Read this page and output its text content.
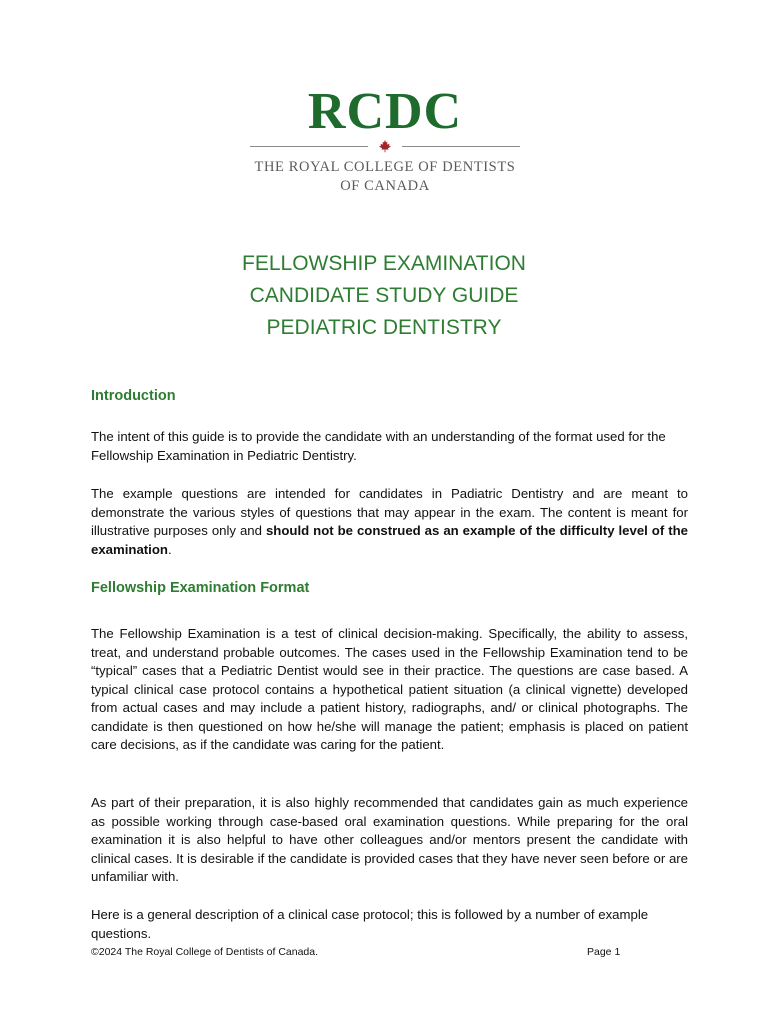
RCDC
THE ROYAL COLLEGE OF DENTISTS
OF CANADA
FELLOWSHIP EXAMINATION
CANDIDATE STUDY GUIDE
PEDIATRIC DENTISTRY
Introduction
The intent of this guide is to provide the candidate with an understanding of the format used for the Fellowship Examination in Pediatric Dentistry.
The example questions are intended for candidates in Padiatric Dentistry and are meant to demonstrate the various styles of questions that may appear in the exam. The content is meant for illustrative purposes only and should not be construed as an example of the difficulty level of the examination.
Fellowship Examination Format
The Fellowship Examination is a test of clinical decision-making. Specifically, the ability to assess, treat, and understand probable outcomes. The cases used in the Fellowship Examination tend to be “typical” cases that a Pediatric Dentist would see in their practice. The questions are case based. A typical clinical case protocol contains a hypothetical patient situation (a clinical vignette) developed from actual cases and may include a patient history, radiographs, and/ or clinical photographs. The candidate is then questioned on how he/she will manage the patient; emphasis is placed on patient care decisions, as if the candidate was caring for the patient.
As part of their preparation, it is also highly recommended that candidates gain as much experience as possible working through case-based oral examination questions. While preparing for the oral examination it is also helpful to have other colleagues and/or mentors present the candidate with clinical cases. It is desirable if the candidate is provided cases that they have never seen before or are unfamiliar with.
Here is a general description of a clinical case protocol; this is followed by a number of example questions.
©2024 The Royal College of Dentists of Canada.	Page 1
